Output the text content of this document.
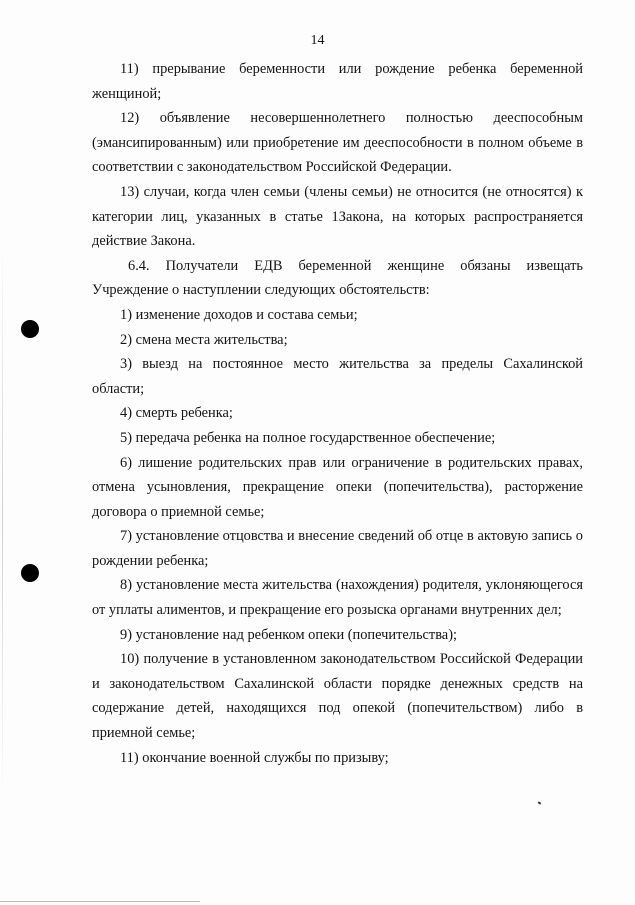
14

11) прерывание беременности или рождение ребенка беременной женщиной;

12) объявление несовершеннолетнего полностью дееспособным (эмансипированным) или приобретение им дееспособности в полном объеме в соответствии с законодательством Российской Федерации.

13) случаи, когда член семьи (члены семьи) не относится (не относятся) к категории лиц, указанных в статье 1Закона, на которых распространяется действие Закона.

6.4. Получатели ЕДВ беременной женщине обязаны извещать Учреждение о наступлении следующих обстоятельств:

1) изменение доходов и состава семьи;

2) смена места жительства;

3) выезд на постоянное место жительства за пределы Сахалинской области;

4) смерть ребенка;

5) передача ребенка на полное государственное обеспечение;

6) лишение родительских прав или ограничение в родительских правах, отмена усыновления, прекращение опеки (попечительства), расторжение договора о приемной семье;

7) установление отцовства и внесение сведений об отце в актовую запись о рождении ребенка;

8) установление места жительства (нахождения) родителя, уклоняющегося от уплаты алиментов, и прекращение его розыска органами внутренних дел;

9) установление над ребенком опеки (попечительства);

10) получение в установленном законодательством Российской Федерации и законодательством Сахалинской области порядке денежных средств на содержание детей, находящихся под опекой (попечительством) либо в приемной семье;

11) окончание военной службы по призыву;
